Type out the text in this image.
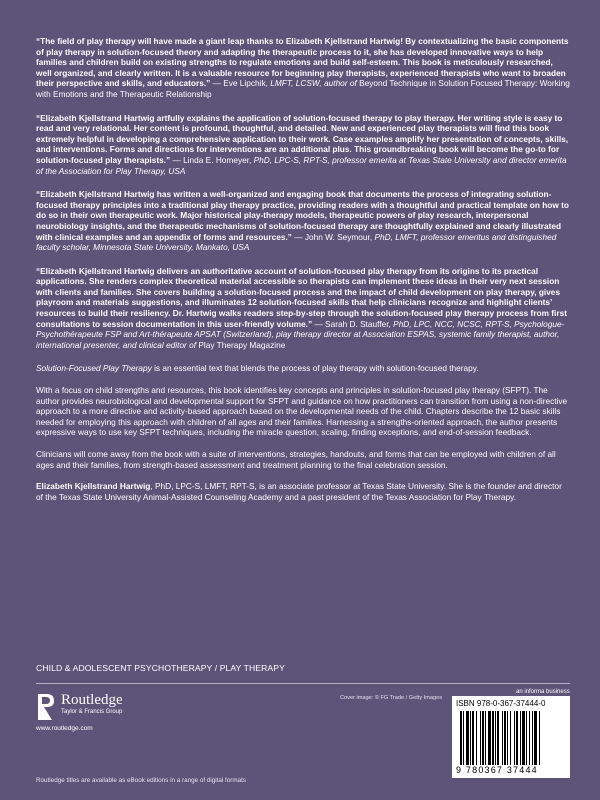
“The field of play therapy will have made a giant leap thanks to Elizabeth Kjellstrand Hartwig! By contextualizing the basic components of play therapy in solution-focused theory and adapting the therapeutic process to it, she has developed innovative ways to help families and children build on existing strengths to regulate emotions and build self-esteem. This book is meticulously researched, well organized, and clearly written. It is a valuable resource for beginning play therapists, experienced therapists who want to broaden their perspective and skills, and educators.” — Eve Lipchik, LMFT, LCSW, author of Beyond Technique in Solution Focused Therapy: Working with Emotions and the Therapeutic Relationship

“Elizabeth Kjellstrand Hartwig artfully explains the application of solution-focused therapy to play therapy. Her writing style is easy to read and very relational. Her content is profound, thoughtful, and detailed. New and experienced play therapists will find this book extremely helpful in developing a comprehensive application to their work. Case examples amplify her presentation of concepts, skills, and interventions. Forms and directions for interventions are an additional plus. This groundbreaking book will become the go-to for solution-focused play therapists.” — Linda E. Homeyer, PhD, LPC-S, RPT-S, professor emerita at Texas State University and director emerita of the Association for Play Therapy, USA

“Elizabeth Kjellstrand Hartwig has written a well-organized and engaging book that documents the process of integrating solution-focused therapy principles into a traditional play therapy practice, providing readers with a thoughtful and practical template on how to do so in their own therapeutic work. Major historical play-therapy models, therapeutic powers of play research, interpersonal neurobiology insights, and the therapeutic mechanisms of solution-focused therapy are thoughtfully explained and clearly illustrated with clinical examples and an appendix of forms and resources.” — John W. Seymour, PhD, LMFT, professor emeritus and distinguished faculty scholar, Minnesota State University, Mankato, USA

“Elizabeth Kjellstrand Hartwig delivers an authoritative account of solution-focused play therapy from its origins to its practical applications. She renders complex theoretical material accessible so therapists can implement these ideas in their very next session with clients and families. She covers building a solution-focused process and the impact of child development on play therapy, gives playroom and materials suggestions, and illuminates 12 solution-focused skills that help clinicians recognize and highlight clients’ resources to build their resiliency. Dr. Hartwig walks readers step-by-step through the solution-focused play therapy process from first consultations to session documentation in this user-friendly volume.” — Sarah D. Stauffer, PhD, LPC, NCC, NCSC, RPT-S, Psychologue-Psychothérapeute FSP and Art-thérapeute APSAT (Switzerland), play therapy director at Association ESPAS, systemic family therapist, author, international presenter, and clinical editor of Play Therapy Magazine

Solution-Focused Play Therapy is an essential text that blends the process of play therapy with solution-focused therapy.

With a focus on child strengths and resources, this book identifies key concepts and principles in solution-focused play therapy (SFPT). The author provides neurobiological and developmental support for SFPT and guidance on how practitioners can transition from using a non-directive approach to a more directive and activity-based approach based on the developmental needs of the child. Chapters describe the 12 basic skills needed for employing this approach with children of all ages and their families. Harnessing a strengths-oriented approach, the author presents expressive ways to use key SFPT techniques, including the miracle question, scaling, finding exceptions, and end-of-session feedback.

Clinicians will come away from the book with a suite of interventions, strategies, handouts, and forms that can be employed with children of all ages and their families, from strength-based assessment and treatment planning to the final celebration session.

Elizabeth Kjellstrand Hartwig, PhD, LPC-S, LMFT, RPT-S, is an associate professor at Texas State University. She is the founder and director of the Texas State University Animal-Assisted Counseling Academy and a past president of the Texas Association for Play Therapy.

CHILD & ADOLESCENT PSYCHOTHERAPY / PLAY THERAPY
an informa business
Cover image: © FG Trade / Getty Images
Routledge
Taylor & Francis Group
www.routledge.com
Routledge titles are available as eBook editions in a range of digital formats
ISBN 978-0-367-37444-0
9 780367 37444
